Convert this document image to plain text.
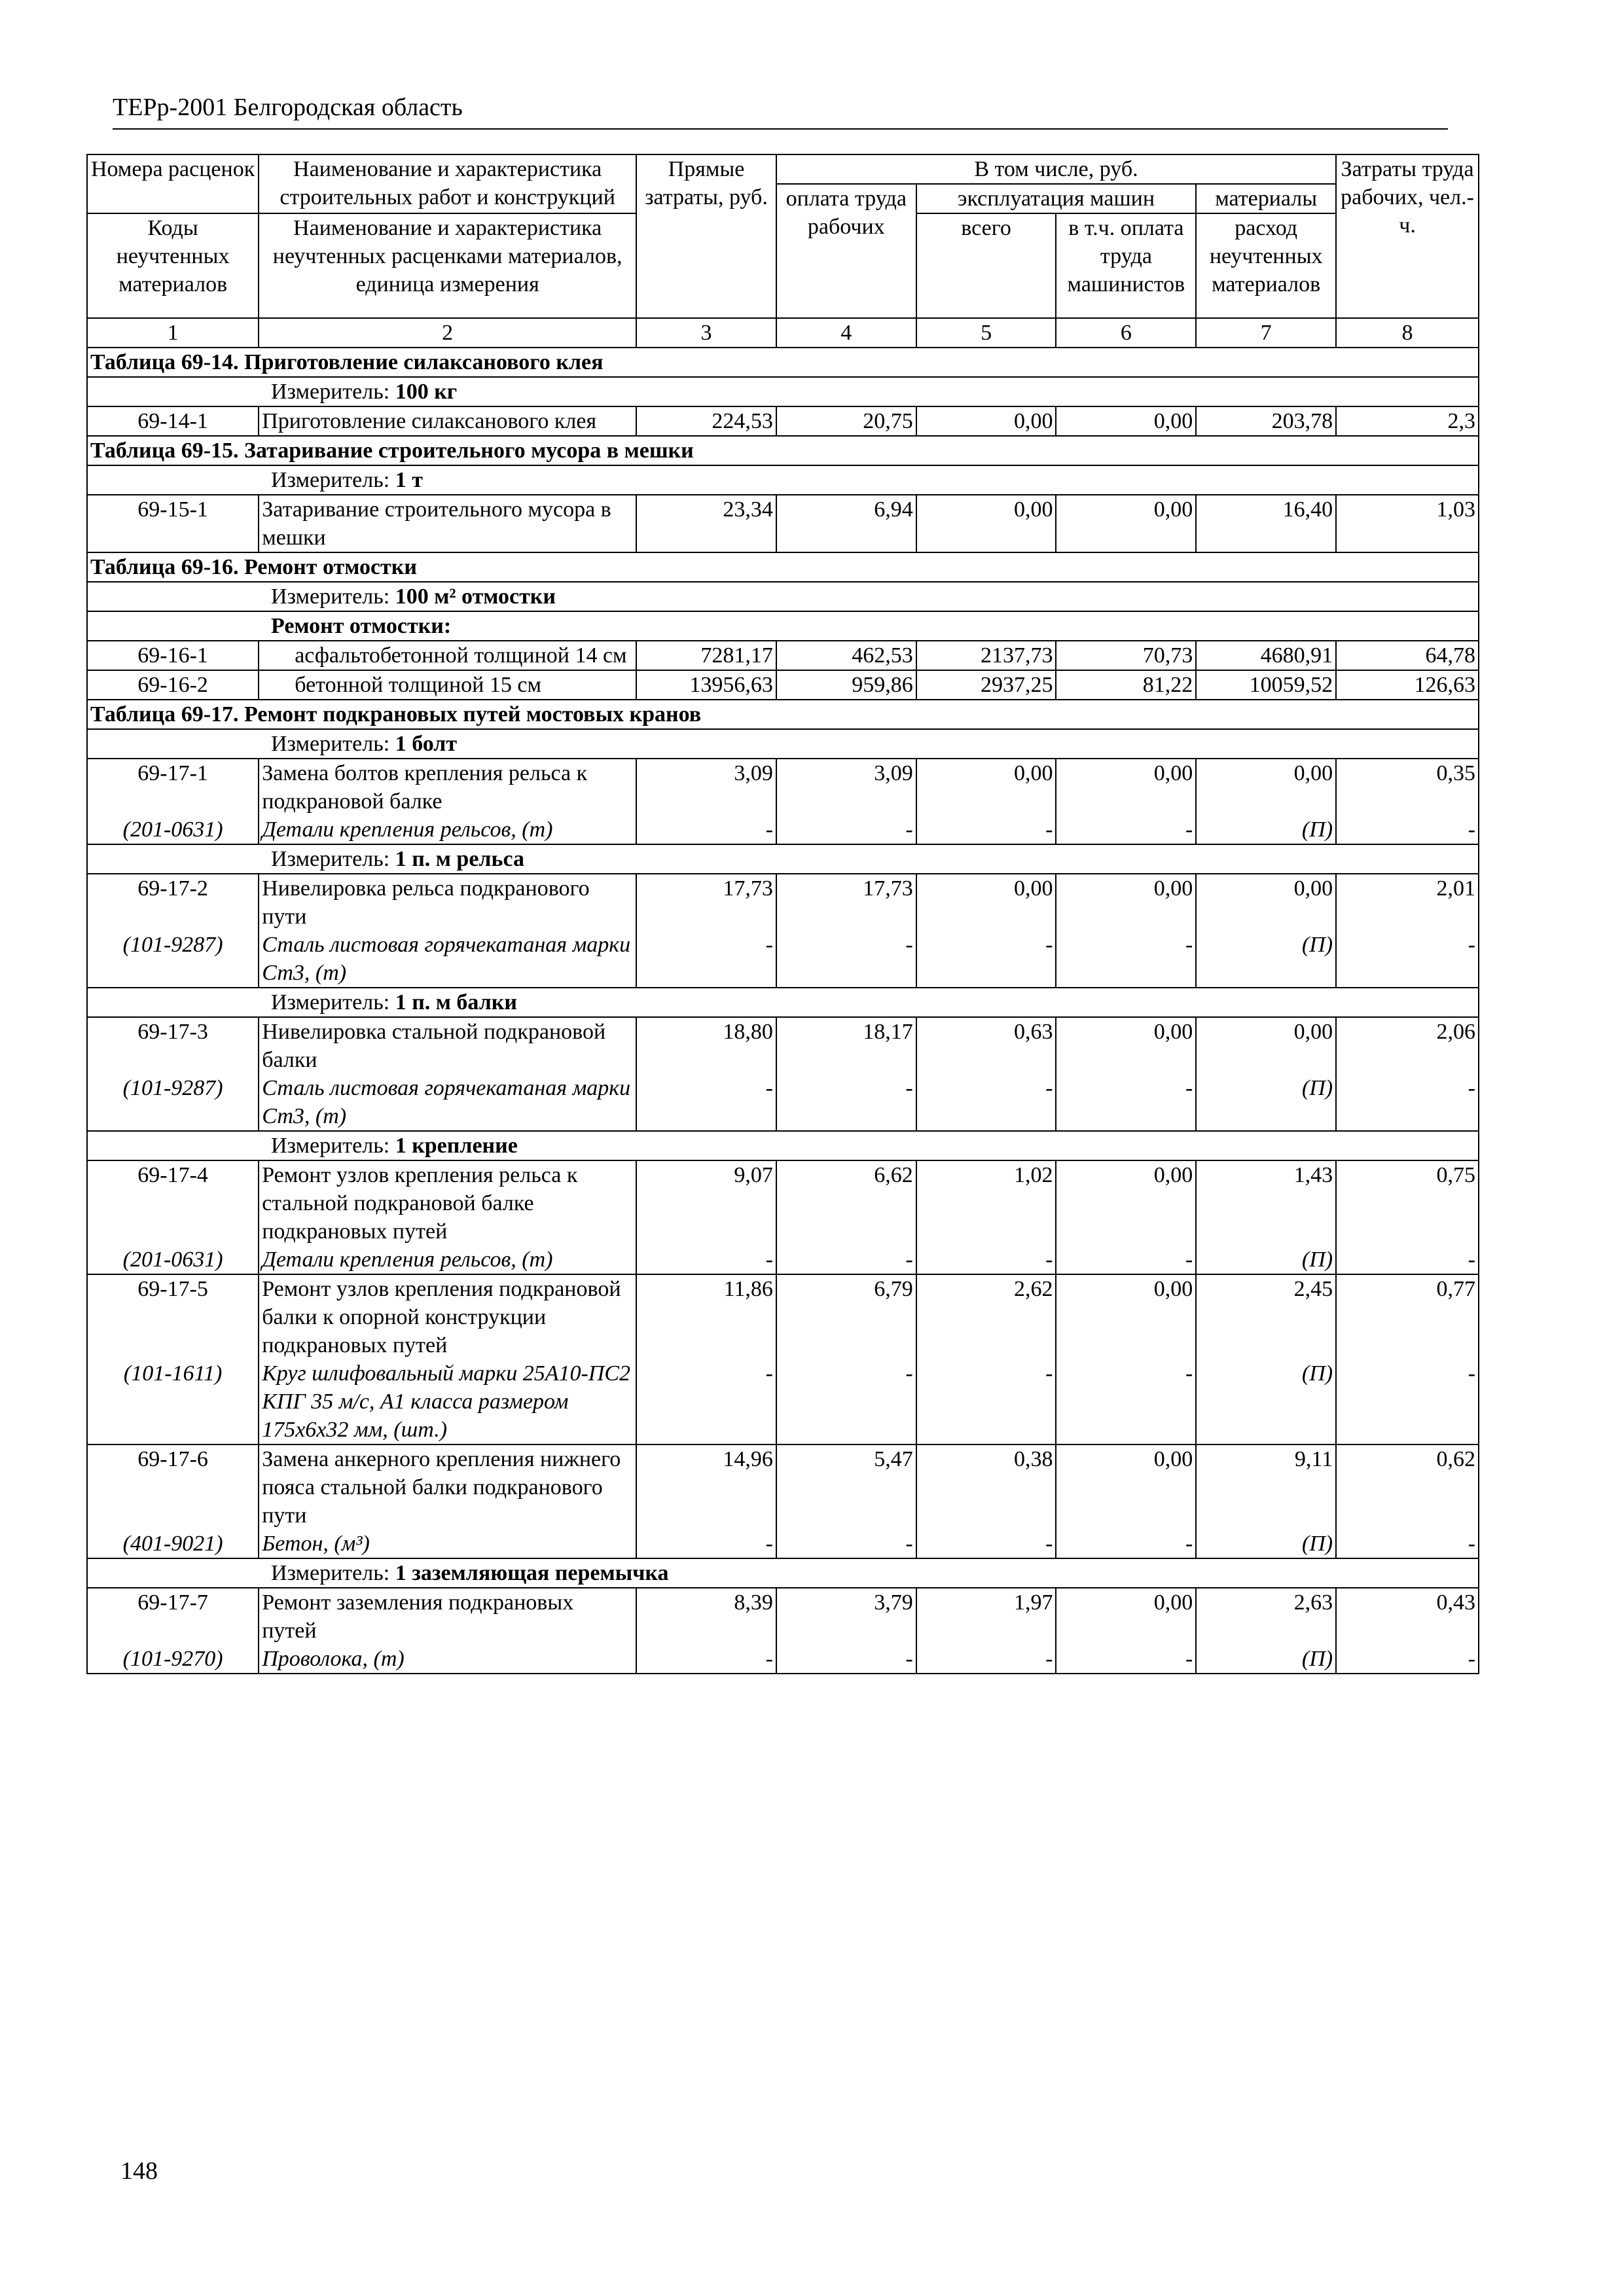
ТЕРр-2001 Белгородская область
Номера расценок	Наименование и характеристика строительных работ и конструкций	Прямые затраты, руб.	В том числе, руб.				Затраты труда рабочих, чел.-ч.
			оплата труда рабочих	эксплуатация машин		материалы	
Коды неучтенных материалов	Наименование и характеристика неучтенных расценками материалов, единица измерения			всего	в т.ч. оплата труда машинистов	расход неучтенных материалов	

1	2	3	4	5	6	7	8
Таблица 69-14. Приготовление силаксанового клея							
Измеритель: 100 кг							
69-14-1	Приготовление силаксанового клея	224,53	20,75	0,00	0,00	203,78	2,3
Таблица 69-15. Затаривание строительного мусора в мешки							
Измеритель: 1 т							
69-15-1	Затаривание строительного мусора в мешки	23,34	6,94	0,00	0,00	16,40	1,03
Таблица 69-16. Ремонт отмостки							
Измеритель: 100 м² отмостки							
Ремонт отмостки:							
69-16-1	асфальтобетонной толщиной 14 см	7281,17	462,53	2137,73	70,73	4680,91	64,78
69-16-2	бетонной толщиной 15 см	13956,63	959,86	2937,25	81,22	10059,52	126,63
Таблица 69-17. Ремонт подкрановых путей мостовых кранов							
Измеритель: 1 болт							
69-17-1	Замена болтов крепления рельса к подкрановой балке	3,09	3,09	0,00	0,00	0,00	0,35
(201-0631)	Детали крепления рельсов, (т)	-	-	-	-	(П)	-
Измеритель: 1 п. м рельса							
69-17-2	Нивелировка рельса подкранового пути	17,73	17,73	0,00	0,00	0,00	2,01
(101-9287)	Сталь листовая горячекатаная марки Ст3, (т)	-	-	-	-	(П)	-
Измеритель: 1 п. м балки							
69-17-3	Нивелировка стальной подкрановой балки	18,80	18,17	0,63	0,00	0,00	2,06
(101-9287)	Сталь листовая горячекатаная марки Ст3, (т)	-	-	-	-	(П)	-
Измеритель: 1 крепление							
69-17-4	Ремонт узлов крепления рельса к стальной подкрановой балке подкрановых путей	9,07	6,62	1,02	0,00	1,43	0,75
(201-0631)	Детали крепления рельсов, (т)	-	-	-	-	(П)	-
69-17-5	Ремонт узлов крепления подкрановой балки к опорной конструкции подкрановых путей	11,86	6,79	2,62	0,00	2,45	0,77
(101-1611)	Круг шлифовальный марки 25А10-ПС2 КПГ 35 м/с, А1 класса размером 175х6х32 мм, (шт.)	-	-	-	-	(П)	-
69-17-6	Замена анкерного крепления нижнего пояса стальной балки подкранового пути	14,96	5,47	0,38	0,00	9,11	0,62
(401-9021)	Бетон, (м³)	-	-	-	-	(П)	-
Измеритель: 1 заземляющая перемычка							
69-17-7	Ремонт заземления подкрановых путей	8,39	3,79	1,97	0,00	2,63	0,43
(101-9270)	Проволока, (т)	-	-	-	-	(П)	-
148
